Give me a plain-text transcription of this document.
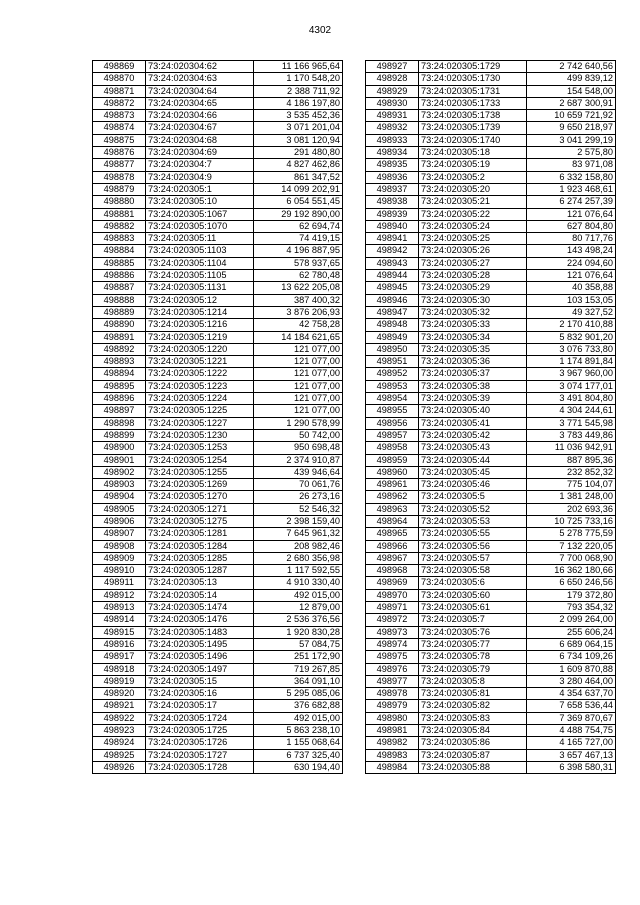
4302
498869	73:24:020304:62	11 166 965,64
498870	73:24:020304:63	1 170 548,20
498871	73:24:020304:64	2 388 711,92
498872	73:24:020304:65	4 186 197,80
498873	73:24:020304:66	3 535 452,36
498874	73:24:020304:67	3 071 201,04
498875	73:24:020304:68	3 081 120,94
498876	73:24:020304:69	291 480,80
498877	73:24:020304:7	4 827 462,86
498878	73:24:020304:9	861 347,52
498879	73:24:020305:1	14 099 202,91
498880	73:24:020305:10	6 054 551,45
498881	73:24:020305:1067	29 192 890,00
498882	73:24:020305:1070	62 694,74
498883	73:24:020305:11	74 419,15
498884	73:24:020305:1103	4 196 887,95
498885	73:24:020305:1104	578 937,65
498886	73:24:020305:1105	62 780,48
498887	73:24:020305:1131	13 622 205,08
498888	73:24:020305:12	387 400,32
498889	73:24:020305:1214	3 876 206,93
498890	73:24:020305:1216	42 758,28
498891	73:24:020305:1219	14 184 621,65
498892	73:24:020305:1220	121 077,00
498893	73:24:020305:1221	121 077,00
498894	73:24:020305:1222	121 077,00
498895	73:24:020305:1223	121 077,00
498896	73:24:020305:1224	121 077,00
498897	73:24:020305:1225	121 077,00
498898	73:24:020305:1227	1 290 578,99
498899	73:24:020305:1230	50 742,00
498900	73:24:020305:1253	950 698,48
498901	73:24:020305:1254	2 374 910,87
498902	73:24:020305:1255	439 946,64
498903	73:24:020305:1269	70 061,76
498904	73:24:020305:1270	26 273,16
498905	73:24:020305:1271	52 546,32
498906	73:24:020305:1275	2 398 159,40
498907	73:24:020305:1281	7 645 961,32
498908	73:24:020305:1284	208 982,46
498909	73:24:020305:1285	2 680 356,98
498910	73:24:020305:1287	1 117 592,55
498911	73:24:020305:13	4 910 330,40
498912	73:24:020305:14	492 015,00
498913	73:24:020305:1474	12 879,00
498914	73:24:020305:1476	2 536 376,56
498915	73:24:020305:1483	1 920 830,28
498916	73:24:020305:1495	57 084,75
498917	73:24:020305:1496	251 172,90
498918	73:24:020305:1497	719 267,85
498919	73:24:020305:15	364 091,10
498920	73:24:020305:16	5 295 085,06
498921	73:24:020305:17	376 682,88
498922	73:24:020305:1724	492 015,00
498923	73:24:020305:1725	5 863 238,10
498924	73:24:020305:1726	1 155 068,64
498925	73:24:020305:1727	6 737 325,40
498926	73:24:020305:1728	630 194,40
498927	73:24:020305:1729	2 742 640,56
498928	73:24:020305:1730	499 839,12
498929	73:24:020305:1731	154 548,00
498930	73:24:020305:1733	2 687 300,91
498931	73:24:020305:1738	10 659 721,92
498932	73:24:020305:1739	9 650 218,97
498933	73:24:020305:1740	3 041 299,19
498934	73:24:020305:18	2 575,80
498935	73:24:020305:19	83 971,08
498936	73:24:020305:2	6 332 158,80
498937	73:24:020305:20	1 923 468,61
498938	73:24:020305:21	6 274 257,39
498939	73:24:020305:22	121 076,64
498940	73:24:020305:24	627 804,80
498941	73:24:020305:25	80 717,76
498942	73:24:020305:26	143 498,24
498943	73:24:020305:27	224 094,60
498944	73:24:020305:28	121 076,64
498945	73:24:020305:29	40 358,88
498946	73:24:020305:30	103 153,05
498947	73:24:020305:32	49 327,52
498948	73:24:020305:33	2 170 410,88
498949	73:24:020305:34	5 832 901,20
498950	73:24:020305:35	3 076 733,80
498951	73:24:020305:36	1 174 891,84
498952	73:24:020305:37	3 967 960,00
498953	73:24:020305:38	3 074 177,01
498954	73:24:020305:39	3 491 804,80
498955	73:24:020305:40	4 304 244,61
498956	73:24:020305:41	3 771 545,98
498957	73:24:020305:42	3 783 449,86
498958	73:24:020305:43	11 036 942,91
498959	73:24:020305:44	887 895,36
498960	73:24:020305:45	232 852,32
498961	73:24:020305:46	775 104,07
498962	73:24:020305:5	1 381 248,00
498963	73:24:020305:52	202 693,36
498964	73:24:020305:53	10 725 733,16
498965	73:24:020305:55	5 278 775,59
498966	73:24:020305:56	7 132 220,05
498967	73:24:020305:57	7 700 068,90
498968	73:24:020305:58	16 362 180,66
498969	73:24:020305:6	6 650 246,56
498970	73:24:020305:60	179 372,80
498971	73:24:020305:61	793 354,32
498972	73:24:020305:7	2 099 264,00
498973	73:24:020305:76	255 606,24
498974	73:24:020305:77	6 689 064,15
498975	73:24:020305:78	6 734 109,26
498976	73:24:020305:79	1 609 870,88
498977	73:24:020305:8	3 280 464,00
498978	73:24:020305:81	4 354 637,70
498979	73:24:020305:82	7 658 536,44
498980	73:24:020305:83	7 369 870,67
498981	73:24:020305:84	4 488 754,75
498982	73:24:020305:86	4 165 727,00
498983	73:24:020305:87	3 657 467,13
498984	73:24:020305:88	6 398 580,31
